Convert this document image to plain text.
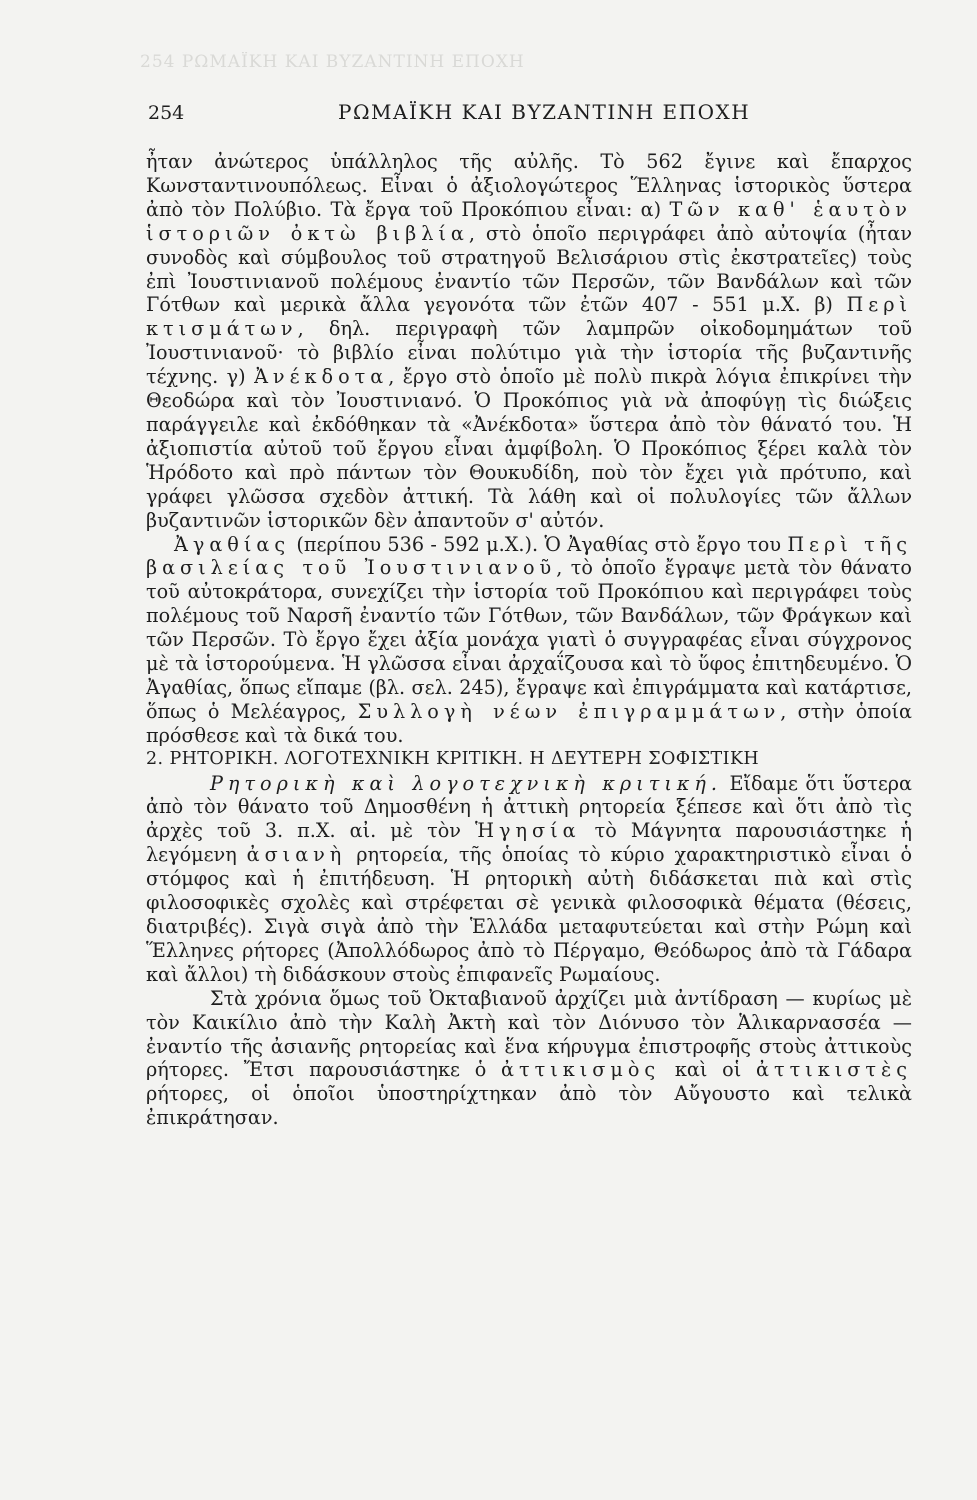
254 ΡΩΜΑΪΚΗ ΚΑΙ ΒΥΖΑΝΤΙΝΗ ΕΠΟΧΗ
254	ΡΩΜΑΪΚΗ ΚΑΙ ΒΥΖΑΝΤΙΝΗ ΕΠΟΧΗ

ἦταν ἀνώτερος ὑπάλληλος τῆς αὐλῆς. Τὸ 562 ἔγινε καὶ ἔπαρχος Κωνσταντινουπόλεως. Εἶναι ὁ ἀξιολογώτερος Ἕλληνας ἱστορικὸς ὕστερα ἀπὸ τὸν Πολύβιο. Τὰ ἔργα τοῦ Προκόπιου εἶναι: α) Τῶν καθ' ἑαυτὸν ἱστοριῶν ὀκτὼ βιβλία, στὸ ὁποῖο περιγράφει ἀπὸ αὐτοψία (ἦταν συνοδὸς καὶ σύμβουλος τοῦ στρατηγοῦ Βελισάριου στὶς ἐκστρατεῖες) τοὺς ἐπὶ Ἰουστινιανοῦ πολέμους ἐναντίο τῶν Περσῶν, τῶν Βανδάλων καὶ τῶν Γότθων καὶ μερικὰ ἄλλα γεγονότα τῶν ἐτῶν 407 - 551 μ.Χ. β) Περὶ κτισμάτων, δηλ. περιγραφὴ τῶν λαμπρῶν οἰκοδομημάτων τοῦ Ἰουστινιανοῦ· τὸ βιβλίο εἶναι πολύτιμο γιὰ τὴν ἱστορία τῆς βυζαντινῆς τέχνης. γ) Ἀνέκδοτα, ἔργο στὸ ὁποῖο μὲ πολὺ πικρὰ λόγια ἐπικρίνει τὴν Θεοδώρα καὶ τὸν Ἰουστινιανό. Ὁ Προκόπιος γιὰ νὰ ἀποφύγῃ τὶς διώξεις παράγγειλε καὶ ἐκδόθηκαν τὰ «Ἀνέκδοτα» ὕστερα ἀπὸ τὸν θάνατό του. Ἡ ἀξιοπιστία αὐτοῦ τοῦ ἔργου εἶναι ἀμφίβολη. Ὁ Προκόπιος ξέρει καλὰ τὸν Ἡρόδοτο καὶ πρὸ πάντων τὸν Θουκυδίδη, ποὺ τὸν ἔχει γιὰ πρότυπο, καὶ γράφει γλῶσσα σχεδὸν ἀττική. Τὰ λάθη καὶ οἱ πολυλογίες τῶν ἄλλων βυζαντινῶν ἱστορικῶν δὲν ἀπαντοῦν σ' αὐτόν.

Ἀγαθίας (περίπου 536 - 592 μ.Χ.). Ὁ Ἀγαθίας στὸ ἔργο του Περὶ τῆς βασιλείας τοῦ Ἰουστινιανοῦ, τὸ ὁποῖο ἔγραψε μετὰ τὸν θάνατο τοῦ αὐτοκράτορα, συνεχίζει τὴν ἱστορία τοῦ Προκόπιου καὶ περιγράφει τοὺς πολέμους τοῦ Ναρσῆ ἐναντίο τῶν Γότθων, τῶν Βανδάλων, τῶν Φράγκων καὶ τῶν Περσῶν. Τὸ ἔργο ἔχει ἀξία μονάχα γιατὶ ὁ συγγραφέας εἶναι σύγχρονος μὲ τὰ ἱστορούμενα. Ἡ γλῶσσα εἶναι ἀρχαΐζουσα καὶ τὸ ὕφος ἐπιτηδευμένο. Ὁ Ἀγαθίας, ὅπως εἴπαμε (βλ. σελ. 245), ἔγραψε καὶ ἐπιγράμματα καὶ κατάρτισε, ὅπως ὁ Μελέαγρος, Συλλογὴ νέων ἐπιγραμμάτων, στὴν ὁποία πρόσθεσε καὶ τὰ δικά του.

2. ΡΗΤΟΡΙΚΗ. ΛΟΓΟΤΕΧΝΙΚΗ ΚΡΙΤΙΚΗ. Η ΔΕΥΤΕΡΗ ΣΟΦΙΣΤΙΚΗ

Ρητορικὴ καὶ λογοτεχνικὴ κριτική. Εἴδαμε ὅτι ὕστερα ἀπὸ τὸν θάνατο τοῦ Δημοσθένη ἡ ἀττικὴ ρητορεία ξέπεσε καὶ ὅτι ἀπὸ τὶς ἀρχὲς τοῦ 3. π.Χ. αἰ. μὲ τὸν Ἡγησία τὸ Μάγνητα παρουσιάστηκε ἡ λεγόμενη ἀσιανὴ ρητορεία, τῆς ὁποίας τὸ κύριο χαρακτηριστικὸ εἶναι ὁ στόμφος καὶ ἡ ἐπιτήδευση. Ἡ ρητορικὴ αὐτὴ διδάσκεται πιὰ καὶ στὶς φιλοσοφικὲς σχολὲς καὶ στρέφεται σὲ γενικὰ φιλοσοφικὰ θέματα (θέσεις, διατριβές). Σιγὰ σιγὰ ἀπὸ τὴν Ἑλλάδα μεταφυτεύεται καὶ στὴν Ρώμη καὶ Ἕλληνες ρήτορες (Ἀπολλόδωρος ἀπὸ τὸ Πέργαμο, Θεόδωρος ἀπὸ τὰ Γάδαρα καὶ ἄλλοι) τὴ διδάσκουν στοὺς ἐπιφανεῖς Ρωμαίους.

Στὰ χρόνια ὅμως τοῦ Ὀκταβιανοῦ ἀρχίζει μιὰ ἀντίδραση — κυρίως μὲ τὸν Καικίλιο ἀπὸ τὴν Καλὴ Ἀκτὴ καὶ τὸν Διόνυσο τὸν Ἁλικαρνασσέα — ἐναντίο τῆς ἀσιανῆς ρητορείας καὶ ἕνα κήρυγμα ἐπιστροφῆς στοὺς ἀττικοὺς ρήτορες. Ἔτσι παρουσιάστηκε ὁ ἀττικισμὸς καὶ οἱ ἀττικιστὲς ρήτορες, οἱ ὁποῖοι ὑποστηρίχτηκαν ἀπὸ τὸν Αὔγουστο καὶ τελικὰ ἐπικράτησαν.
